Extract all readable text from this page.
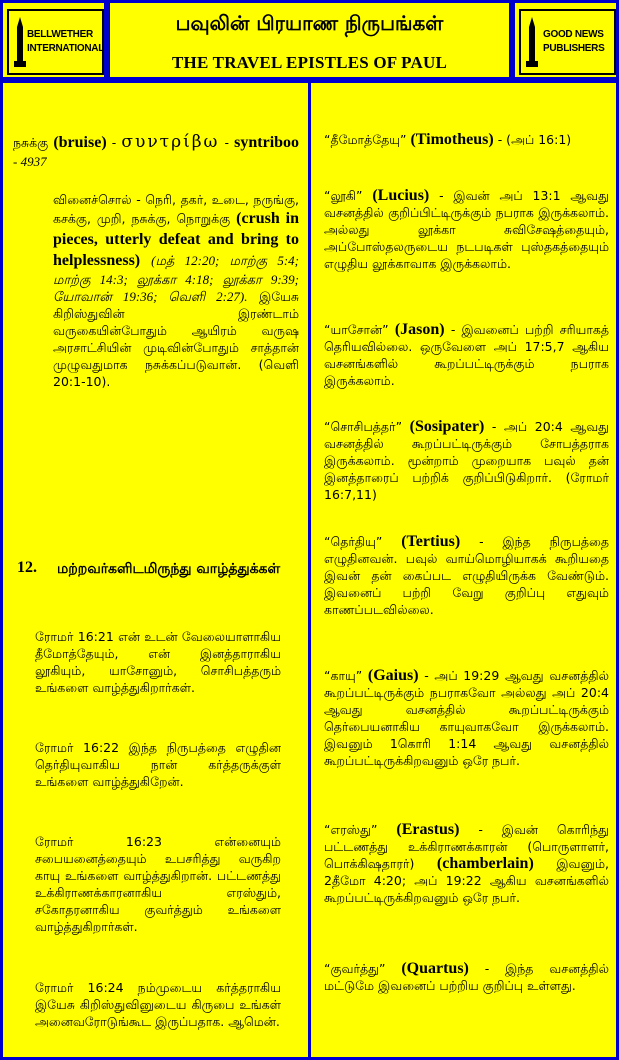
BELLWETHER
INTERNATIONAL
பவுலின் பிரயாண நிருபங்கள்
THE TRAVEL EPISTLES OF PAUL
GOOD NEWS
PUBLISHERS
நசுக்கு (bruise) - συντρίβω - syntriboo - 4937
வினைச்சொல் - நெரி, தகர், உடை, நருங்கு, கசக்கு, முறி, நசுக்கு, நொறுக்கு (crush in pieces, utterly defeat and bring to helplessness) (மத் 12:20; மாற்கு 5:4; மாற்கு 14:3; லூக்கா 4:18; லூக்கா 9:39; யோவான் 19:36; வெளி 2:27). இயேசு கிறிஸ்துவின் இரண்டாம் வருகையின்போதும் ஆயிரம் வருஷ அரசாட்சியின் முடிவின்போதும் சாத்தான் முழுவதுமாக நசுக்கப்படுவான். (வெளி 20:1-10).
12. மற்றவர்களிடமிருந்து வாழ்த்துக்கள்
ரோமர் 16:21 என் உடன் வேலையாளாகிய தீமோத்தேயும், என் இனத்தாராகிய லூகியும், யாசோனும், சொசிபத்தரும் உங்களை வாழ்த்துகிறார்கள்.
ரோமர் 16:22 இந்த நிருபத்தை எழுதின தெர்தியுவாகிய நான் கர்த்தருக்குள் உங்களை வாழ்த்துகிறேன்.
ரோமர் 16:23 என்னையும் சபையனைத்தையும் உபசரித்து வருகிற காயு உங்களை வாழ்த்துகிறான். பட்டணத்து உக்கிராணக்காரனாகிய எரஸ்தும், சகோதரனாகிய குவர்த்தும் உங்களை வாழ்த்துகிறார்கள்.
ரோமர் 16:24 நம்முடைய கர்த்தராகிய இயேசு கிறிஸ்துவினுடைய கிருபை உங்கள் அனைவரோடுங்கூட இருப்பதாக. ஆமென்.
“தீமோத்தேயு” (Timotheus) - (அப் 16:1)
“லூகி” (Lucius) - இவன் அப் 13:1 ஆவது வசனத்தில் குறிப்பிட்டிருக்கும் நபராக இருக்கலாம். அல்லது லூக்கா சுவிசேஷத்தையும், அப்போஸ்தலருடைய நடபடிகள் புஸ்தகத்தையும் எழுதிய லூக்காவாக இருக்கலாம்.
“யாசோன்” (Jason) - இவனைப் பற்றி சரியாகத் தெரியவில்லை. ஒருவேளை அப் 17:5,7 ஆகிய வசனங்களில் கூறப்பட்டிருக்கும் நபராக இருக்கலாம்.
“சொசிபத்தர்” (Sosipater) - அப் 20:4 ஆவது வசனத்தில் கூறப்பட்டிருக்கும் சோபத்தராக இருக்கலாம். மூன்றாம் முறையாக பவுல் தன் இனத்தாரைப் பற்றிக் குறிப்பிடுகிறார். (ரோமர் 16:7,11)
“தெர்தியு” (Tertius) - இந்த நிருபத்தை எழுதினவன். பவுல் வாய்மொழியாகக் கூறியதை இவன் தன் கைப்பட எழுதியிருக்க வேண்டும். இவனைப் பற்றி வேறு குறிப்பு எதுவும் காணப்படவில்லை.
“காயு” (Gaius) - அப் 19:29 ஆவது வசனத்தில் கூறப்பட்டிருக்கும் நபராகவோ அல்லது அப் 20:4 ஆவது வசனத்தில் கூறப்பட்டிருக்கும் தெர்பையனாகிய காயுவாகவோ இருக்கலாம். இவனும் 1கொரி 1:14 ஆவது வசனத்தில் கூறப்பட்டிருக்கிறவனும் ஒரே நபர்.
“எரஸ்து” (Erastus) - இவன் கொரிந்து பட்டணத்து உக்கிராணக்காரன் (பொருளாளர், பொக்கிஷதாரர்) (chamberlain) இவனும், 2தீமோ 4:20; அப் 19:22 ஆகிய வசனங்களில் கூறப்பட்டிருக்கிறவனும் ஒரே நபர்.
“குவர்த்து” (Quartus) - இந்த வசனத்தில் மட்டுமே இவனைப் பற்றிய குறிப்பு உள்ளது.
